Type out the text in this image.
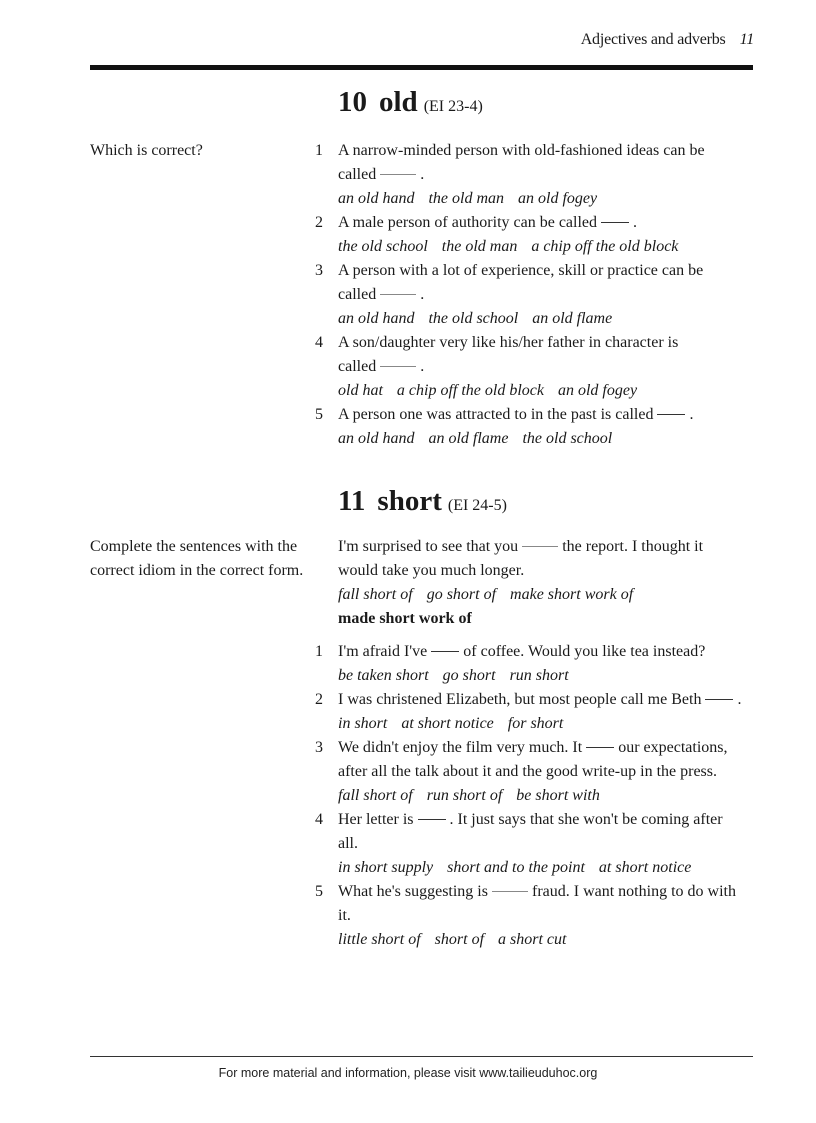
Adjectives and adverbs 11
10 old (EI 23-4)
Which is correct?	1 A narrow-minded person with old-fashioned ideas can be
called	.
an old hand the old man an old fogey
2 A male person of authority can be called .
the old school the old man a chip off the old block
3 A person with a lot of experience, skill or practice can be
called	.
an old hand the old school an old flame
4 A son/daughter very like his/her father in character is
called	.
old hat a chip off the old block an old fogey
5 A person one was attracted to in the past is called .
an old hand an old flame the old school
11 short (EI 24-5)
Complete the sentences with the correct idiom in the correct form.
I'm surprised to see that you	the report. I thought it
would take you much longer.
fall short of go short of make short work of
made short work of
1 I'm afraid I've of coffee. Would you like tea instead?
be taken short go short run short
2 I was christened Elizabeth, but most people call me Beth .
in short at short notice for short
3 We didn't enjoy the film very much. It our expectations,
after all the talk about it and the good write-up in the press.
fall short of run short of be short with
4 Her letter is . It just says that she won't be coming after
all.
in short supply short and to the point at short notice
5 What he's suggesting is	fraud. I want nothing to do with
it.
little short of short of a short cut
For more material and information, please visit www.tailieuduhoc.org
